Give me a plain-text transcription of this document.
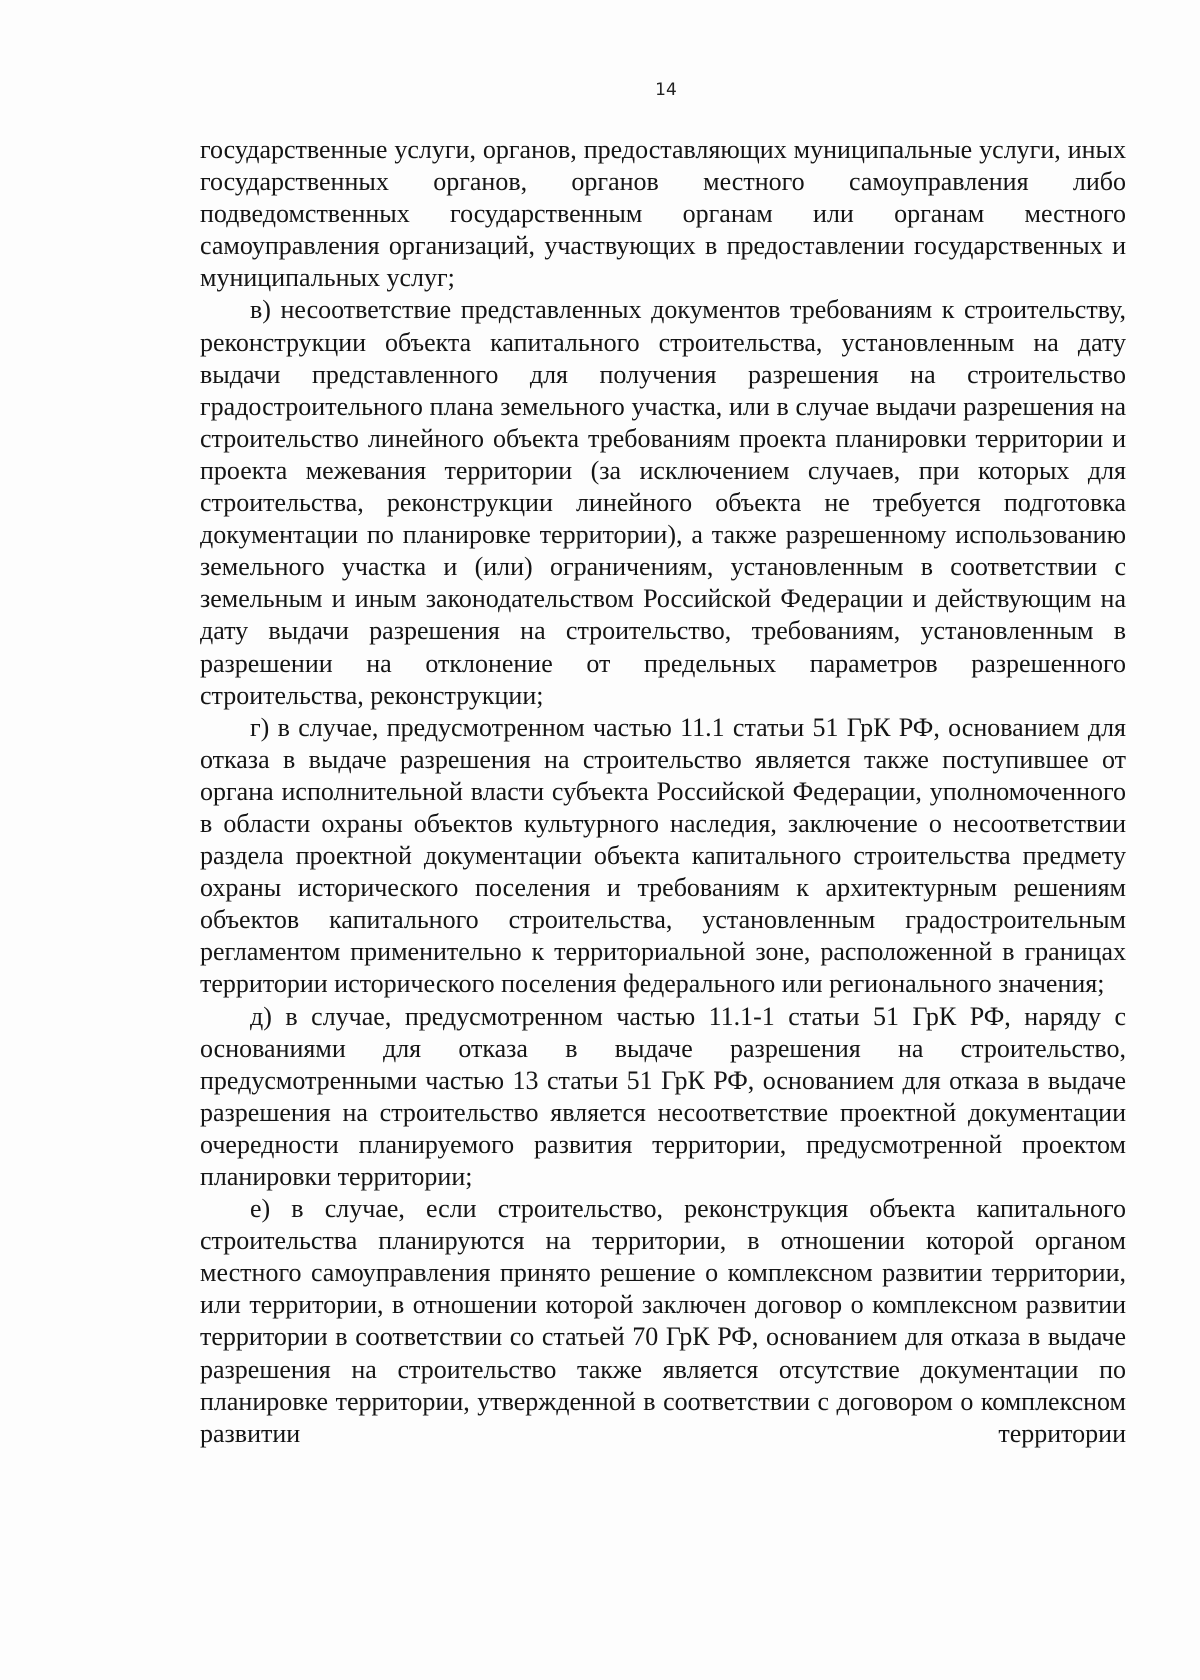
14

государственные услуги, органов, предоставляющих муниципальные услуги, иных государственных органов, органов местного самоуправления либо подведомственных государственным органам или органам местного самоуправления организаций, участвующих в предоставлении государственных и муниципальных услуг;

в) несоответствие представленных документов требованиям к строительству, реконструкции объекта капитального строительства, установленным на дату выдачи представленного для получения разрешения на строительство градостроительного плана земельного участка, или в случае выдачи разрешения на строительство линейного объекта требованиям проекта планировки территории и проекта межевания территории (за исключением случаев, при которых для строительства, реконструкции линейного объекта не требуется подготовка документации по планировке территории), а также разрешенному использованию земельного участка и (или) ограничениям, установленным в соответствии с земельным и иным законодательством Российской Федерации и действующим на дату выдачи разрешения на строительство, требованиям, установленным в разрешении на отклонение от предельных параметров разрешенного строительства, реконструкции;

г) в случае, предусмотренном частью 11.1 статьи 51 ГрК РФ, основанием для отказа в выдаче разрешения на строительство является также поступившее от органа исполнительной власти субъекта Российской Федерации, уполномоченного в области охраны объектов культурного наследия, заключение о несоответствии раздела проектной документации объекта капитального строительства предмету охраны исторического поселения и требованиям к архитектурным решениям объектов капитального строительства, установленным градостроительным регламентом применительно к территориальной зоне, расположенной в границах территории исторического поселения федерального или регионального значения;

д) в случае, предусмотренном частью 11.1-1 статьи 51 ГрК РФ, наряду с основаниями для отказа в выдаче разрешения на строительство, предусмотренными частью 13 статьи 51 ГрК РФ, основанием для отказа в выдаче разрешения на строительство является несоответствие проектной документации очередности планируемого развития территории, предусмотренной проектом планировки территории;

е) в случае, если строительство, реконструкция объекта капитального строительства планируются на территории, в отношении которой органом местного самоуправления принято решение о комплексном развитии территории, или территории, в отношении которой заключен договор о комплексном развитии территории в соответствии со статьей 70 ГрК РФ, основанием для отказа в выдаче разрешения на строительство также является отсутствие документации по планировке территории, утвержденной в соответствии с договором о комплексном развитии территории
